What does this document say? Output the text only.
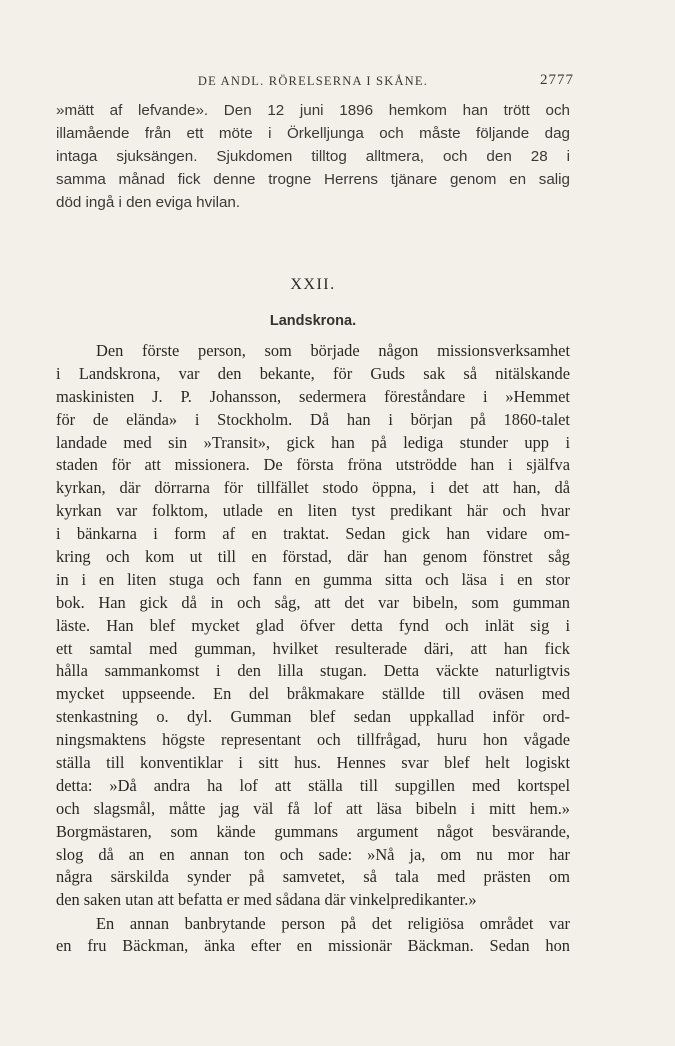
DE ANDL. RÖRELSERNA I SKÅNE.	2777
»mätt af lefvande». Den 12 juni 1896 hemkom han trött och
illamående från ett möte i Örkelljunga och måste följande dag
intaga sjuksängen. Sjukdomen tilltog alltmera, och den 28 i
samma månad fick denne trogne Herrens tjänare genom en salig
död ingå i den eviga hvilan.
XXII.
Landskrona.
Den förste person, som började någon missionsverksamhet
i Landskrona, var den bekante, för Guds sak så nitälskande
maskinisten J. P. Johansson, sedermera föreståndare i »Hemmet
för de elända» i Stockholm. Då han i början på 1860-talet
landade med sin »Transit», gick han på lediga stunder upp i
staden för att missionera. De första fröna utströdde han i själfva
kyrkan, där dörrarna för tillfället stodo öppna, i det att han, då
kyrkan var folktom, utlade en liten tyst predikant här och hvar
i bänkarna i form af en traktat. Sedan gick han vidare om-
kring och kom ut till en förstad, där han genom fönstret såg
in i en liten stuga och fann en gumma sitta och läsa i en stor
bok. Han gick då in och såg, att det var bibeln, som gumman
läste. Han blef mycket glad öfver detta fynd och inlät sig i
ett samtal med gumman, hvilket resulterade däri, att han fick
hålla sammankomst i den lilla stugan. Detta väckte naturligtvis
mycket uppseende. En del bråkmakare ställde till oväsen med
stenkastning o. dyl. Gumman blef sedan uppkallad inför ord-
ningsmaktens högste representant och tillfrågad, huru hon vågade
ställa till konventiklar i sitt hus. Hennes svar blef helt logiskt
detta: »Då andra ha lof att ställa till supgillen med kortspel
och slagsmål, måtte jag väl få lof att läsa bibeln i mitt hem.»
Borgmästaren, som kände gummans argument något besvärande,
slog då an en annan ton och sade: »Nå ja, om nu mor har
några särskilda synder på samvetet, så tala med prästen om
den saken utan att befatta er med sådana där vinkelpredikanter.»
En annan banbrytande person på det religiösa området var
en fru Bäckman, änka efter en missionär Bäckman. Sedan hon
